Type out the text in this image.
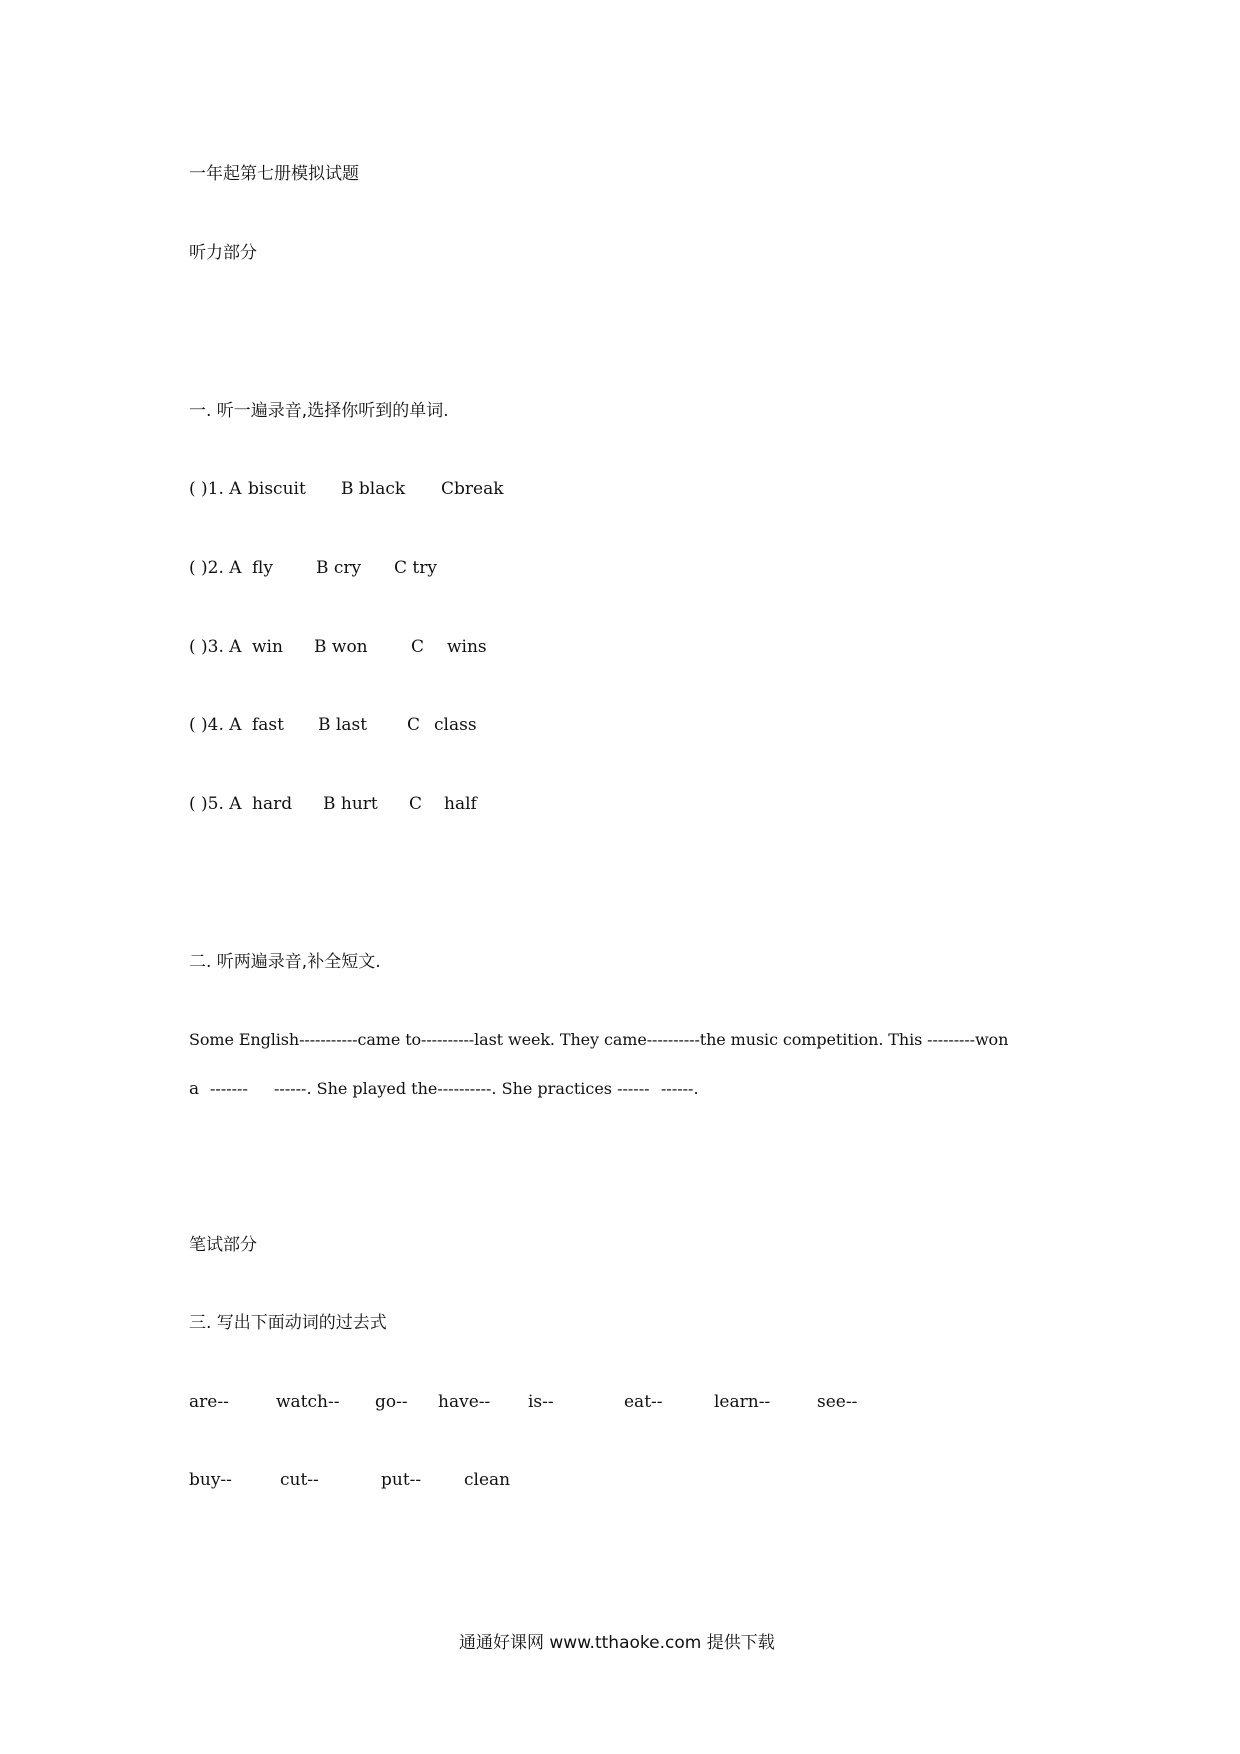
一年起第七册模拟试题
听力部分
一. 听一遍录音,选择你听到的单词.
( )1. A biscuit B black Cbreak
( )2. A fly	B cry C try
( )3. A win B won	C wins
( )4. A fast B last C class
( )5. A hard B hurt C half
二. 听两遍录音,补全短文.
Some English-----------came to----------last week. They came----------the music competition. This ---------won
a ------- ------. She played the----------. She practices ------ ------.
笔试部分
三. 写出下面动词的过去式
are--	watch-- go-- have-- is--	eat--	learn--	see--
buy--	cut--	put--	clean
通通好课网 www.tthaoke.com 提供下载
